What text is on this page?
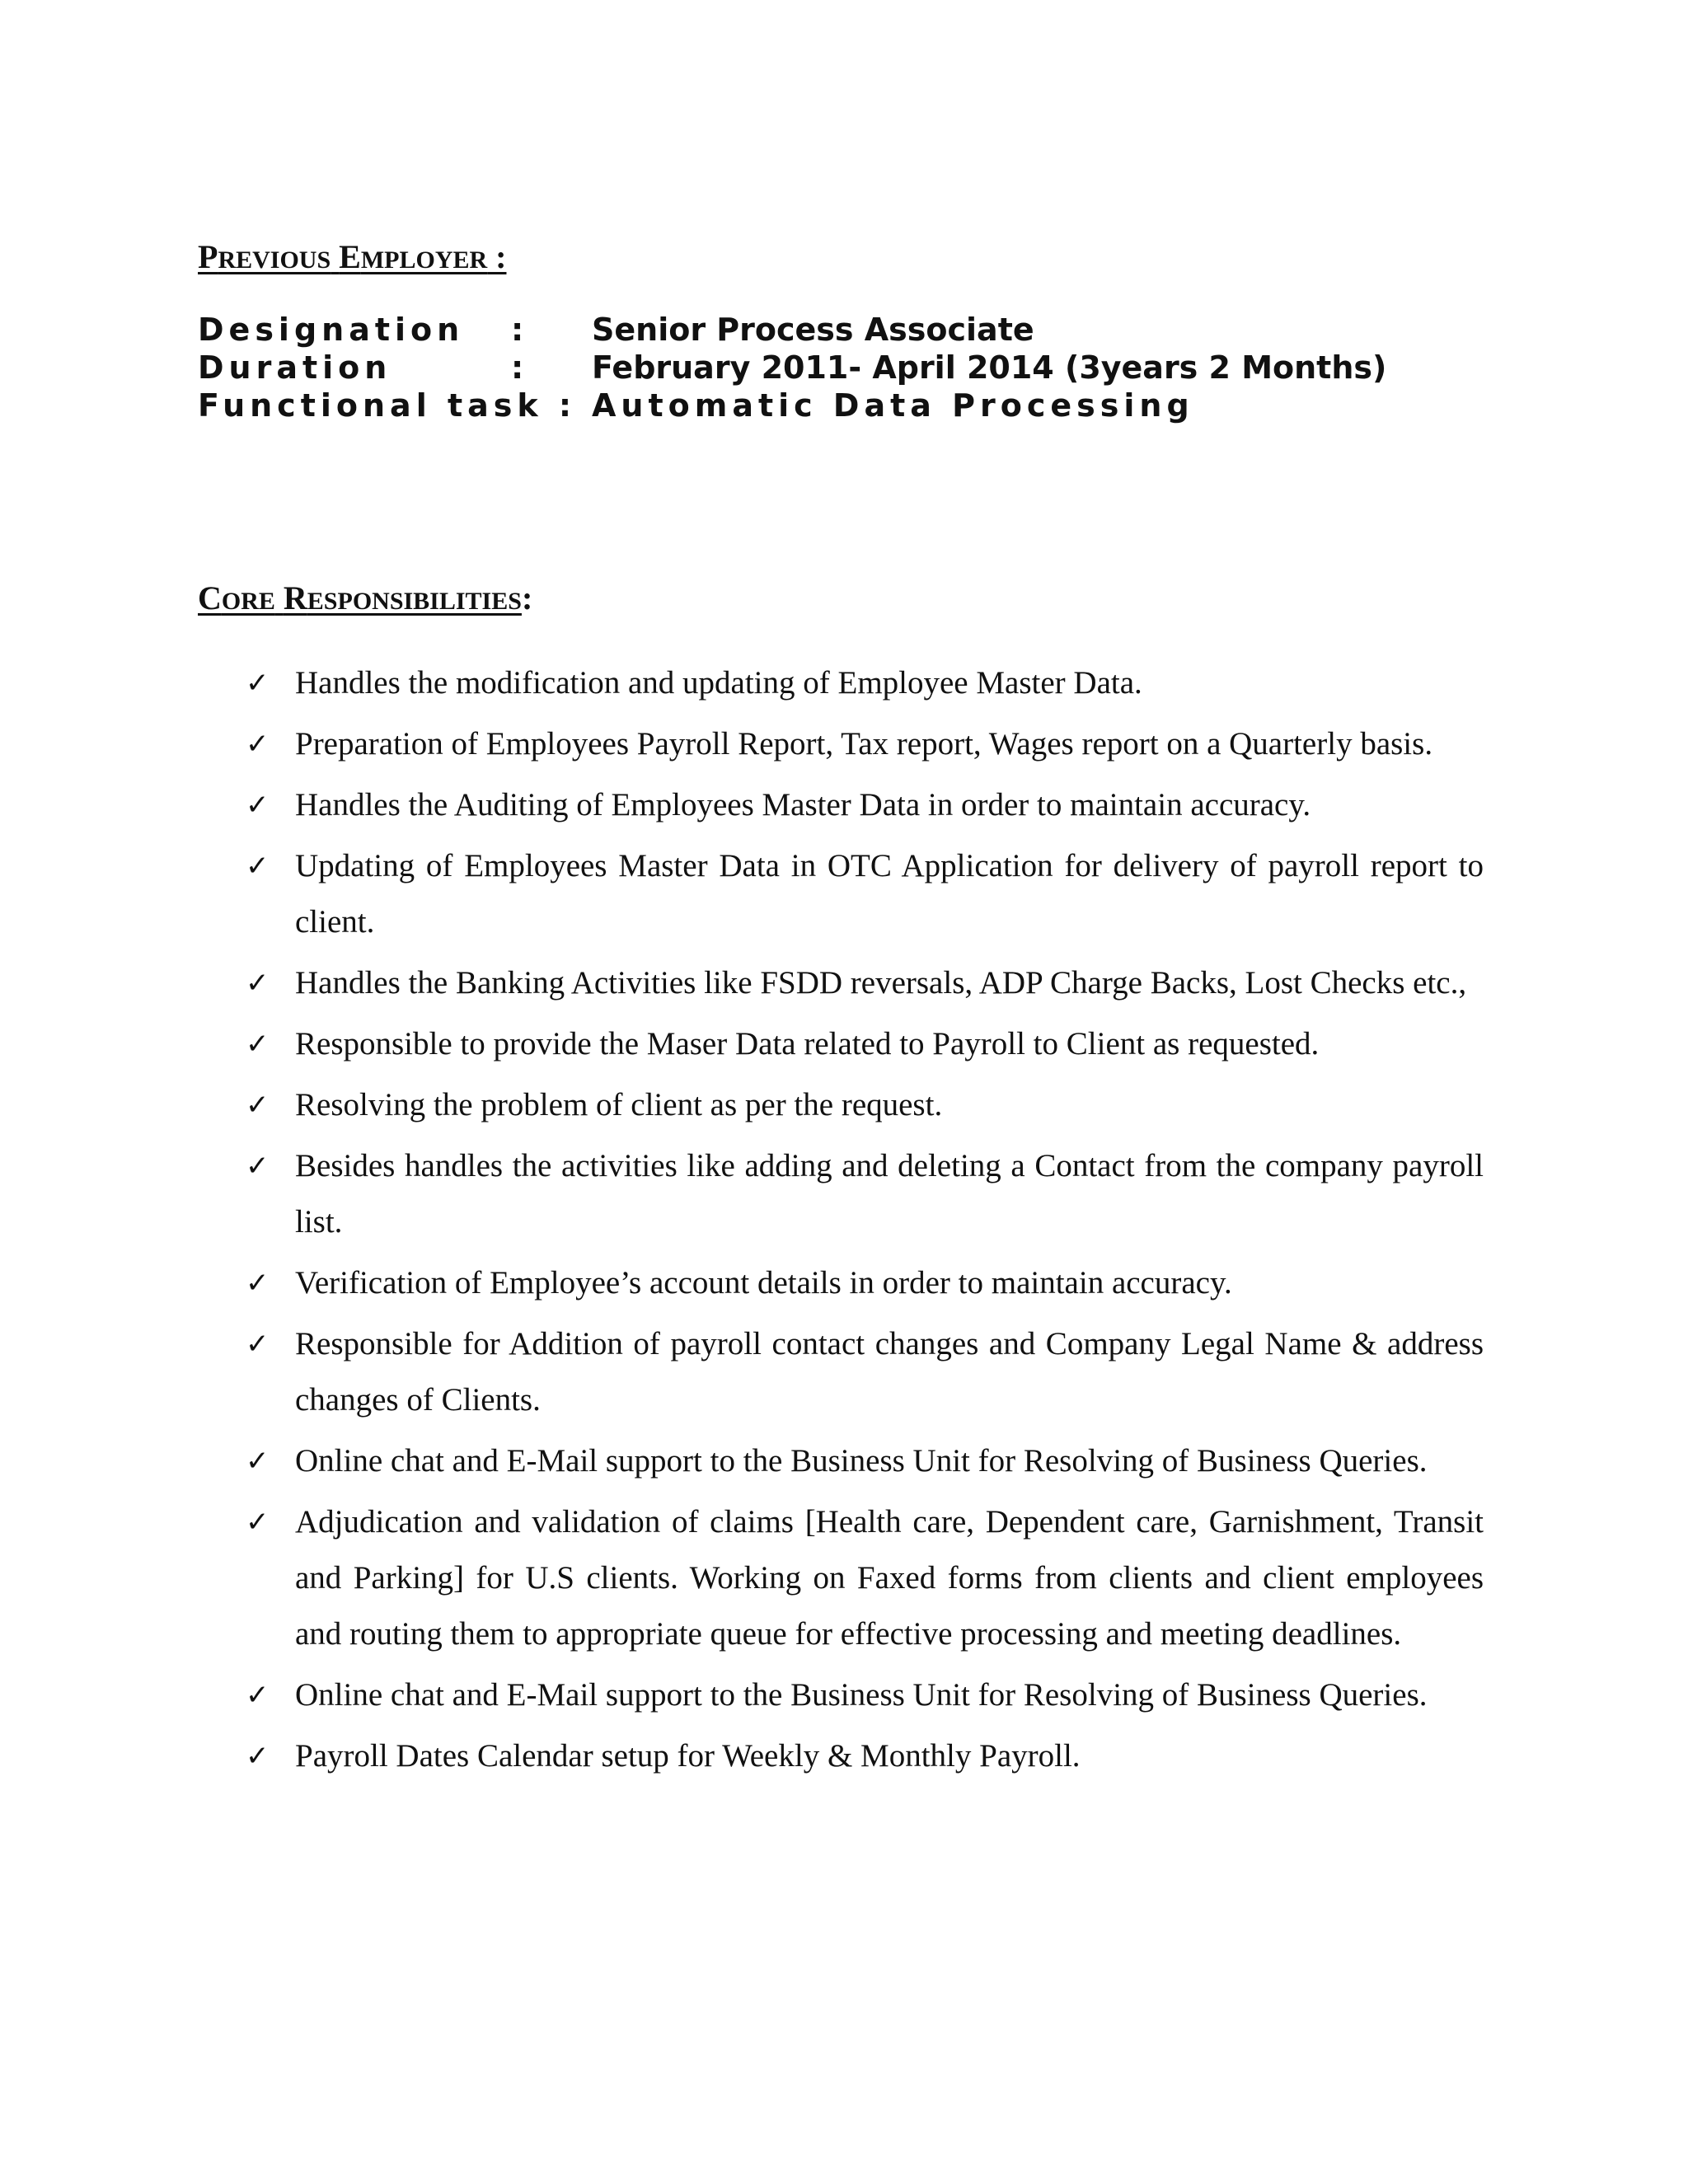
PREVIOUS EMPLOYER :
Designation : Senior Process Associate
Duration	: February 2011- April 2014 (3years 2 Months)
Functional task : Automatic Data Processing
CORE RESPONSIBILITIES:
✓ Handles the modification and updating of Employee Master Data.
✓ Preparation of Employees Payroll Report, Tax report, Wages report on a Quarterly basis.
✓ Handles the Auditing of Employees Master Data in order to maintain accuracy.
✓ Updating of Employees Master Data in OTC Application for delivery of payroll report to client.
✓ Handles the Banking Activities like FSDD reversals, ADP Charge Backs, Lost Checks etc.,
✓ Responsible to provide the Maser Data related to Payroll to Client as requested.
✓ Resolving the problem of client as per the request.
✓ Besides handles the activities like adding and deleting a Contact from the company payroll list.
✓ Verification of Employee’s account details in order to maintain accuracy.
✓ Responsible for Addition of payroll contact changes and Company Legal Name & address changes of Clients.
✓ Online chat and E-Mail support to the Business Unit for Resolving of Business Queries.
✓ Adjudication and validation of claims [Health care, Dependent care, Garnishment, Transit and Parking] for U.S clients. Working on Faxed forms from clients and client employees and routing them to appropriate queue for effective processing and meeting deadlines.
✓ Online chat and E-Mail support to the Business Unit for Resolving of Business Queries.
✓ Payroll Dates Calendar setup for Weekly & Monthly Payroll.
